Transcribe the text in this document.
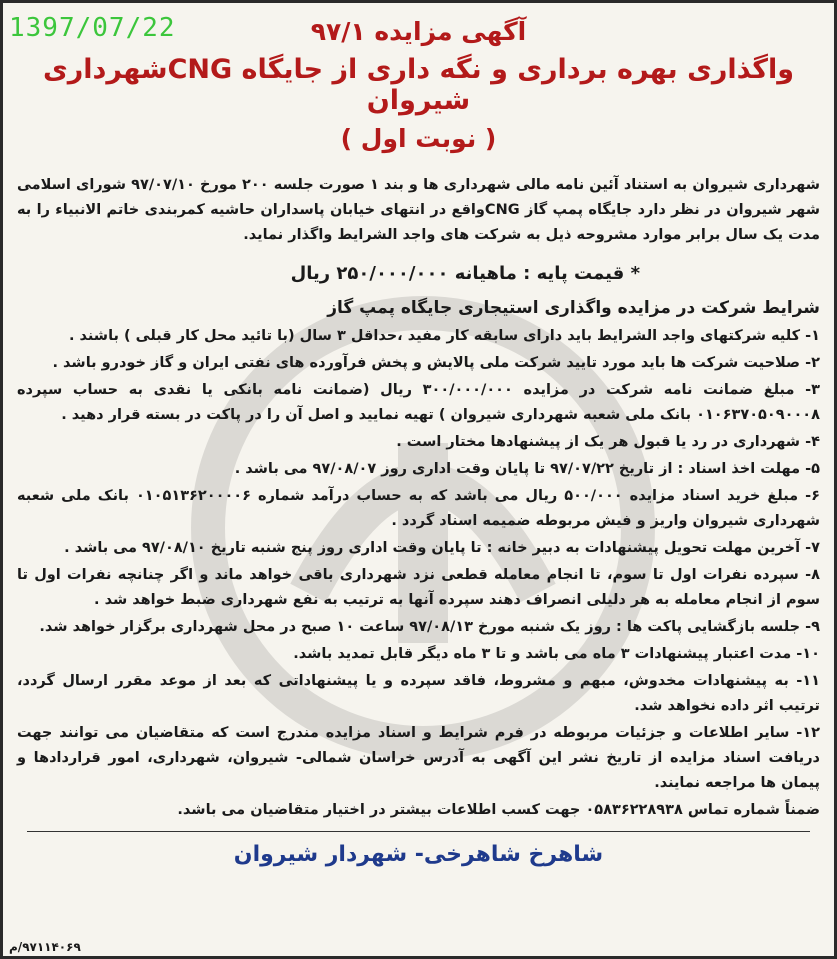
1397/07/22	آگهی مزایده ۹۷/۱
واگذاری بهره برداری و نگه داری از جایگاه CNGشهرداری شیروان
( نوبت اول )

شهرداری شیروان به استناد آئین نامه مالی شهرداری ها و بند ۱ صورت جلسه ۲۰۰ مورخ ۹۷/۰۷/۱۰ شورای اسلامی شهر شیروان در نظر دارد جایگاه پمپ گاز CNGواقع در انتهای خیابان پاسداران حاشیه کمربندی خاتم الانبیاء را به مدت یک سال برابر موارد مشروحه ذیل به شرکت های واجد الشرایط واگذار نماید.

* قیمت پایه : ماهیانه ۲۵۰/۰۰۰/۰۰۰ ریال
شرایط شرکت در مزایده واگذاری استیجاری جایگاه پمپ گاز
۱- کلیه شرکتهای واجد الشرایط باید دارای سابقه کار مفید ،حداقل ۳ سال (با تائید محل کار قبلی ) باشند .
۲- صلاحیت شرکت ها باید مورد تایید شرکت ملی پالایش و پخش فرآورده های نفتی ایران و گاز خودرو باشد .
۳- مبلغ ضمانت نامه شرکت در مزایده ۳۰۰/۰۰۰/۰۰۰ ریال (ضمانت نامه بانکی یا نقدی به حساب سپرده ۰۱۰۶۳۷۰۵۰۹۰۰۰۸ بانک ملی شعبه شهرداری شیروان ) تهیه نمایید و اصل آن را در پاکت در بسته قرار دهید .
۴- شهرداری در رد یا قبول هر یک از پیشنهادها مختار است .
۵- مهلت اخذ اسناد : از تاریخ ۹۷/۰۷/۲۲ تا پایان وقت اداری روز ۹۷/۰۸/۰۷ می باشد .
۶- مبلغ خرید اسناد مزایده ۵۰۰/۰۰۰ ریال می باشد که به حساب درآمد شماره ۰۱۰۵۱۳۶۲۰۰۰۰۶ بانک ملی شعبه شهرداری شیروان واریز و فیش مربوطه ضمیمه اسناد گردد .
۷- آخرین مهلت تحویل پیشنهادات به دبیر خانه : تا پایان وقت اداری روز پنج شنبه تاریخ ۹۷/۰۸/۱۰ می باشد .
۸- سپرده نفرات اول تا سوم، تا انجام معامله قطعی نزد شهرداری باقی خواهد ماند و اگر چنانچه نفرات اول تا سوم از انجام معامله به هر دلیلی انصراف دهند سپرده آنها به ترتیب به نفع شهرداری ضبط خواهد شد .
۹- جلسه بازگشایی پاکت ها : روز یک شنبه مورخ ۹۷/۰۸/۱۳ ساعت ۱۰ صبح در محل شهرداری برگزار خواهد شد.
۱۰- مدت اعتبار پیشنهادات ۳ ماه می باشد و تا ۳ ماه دیگر قابل تمدید باشد.
۱۱- به پیشنهادات مخدوش، مبهم و مشروط، فاقد سپرده و یا پیشنهاداتی که بعد از موعد مقرر ارسال گردد، ترتیب اثر داده نخواهد شد.
۱۲- سایر اطلاعات و جزئیات مربوطه در فرم شرایط و اسناد مزایده مندرج است که متقاضیان می توانند جهت دریافت اسناد مزایده از تاریخ نشر این آگهی به آدرس خراسان شمالی- شیروان، شهرداری، امور قراردادها و پیمان ها مراجعه نمایند.
ضمناً شماره تماس ۰۵۸۳۶۲۲۸۹۳۸ جهت کسب اطلاعات بیشتر در اختیار متقاضیان می باشد.
شاهرخ شاهرخی- شهردار شیروان
۹۷۱۱۴۰۶۹/م
